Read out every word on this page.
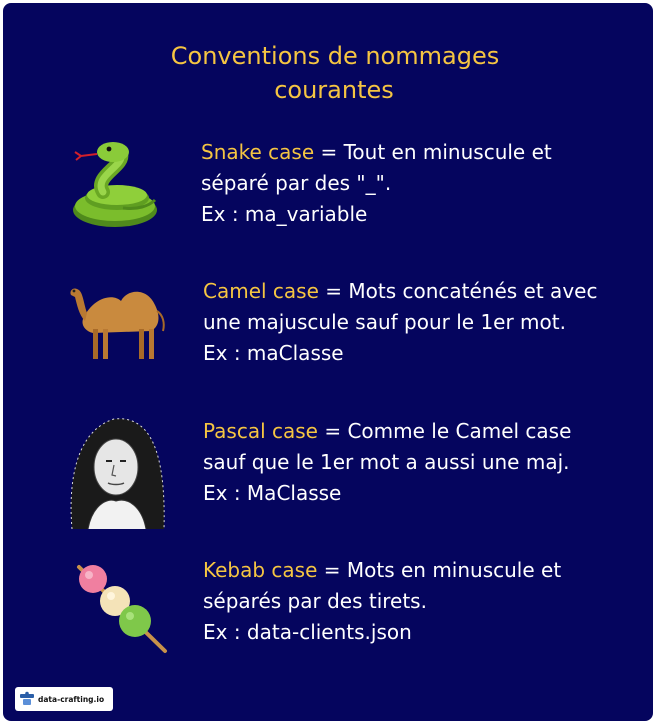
Conventions de nommages
courantes
Snake case = Tout en minuscule et
séparé par des "_".
Ex : ma_variable
Camel case = Mots concaténés et avec
une majuscule sauf pour le 1er mot.
Ex : maClasse
Pascal case = Comme le Camel case
sauf que le 1er mot a aussi une maj.
Ex : MaClasse
Kebab case = Mots en minuscule et
séparés par des tirets.
Ex : data-clients.json
data-crafting.io
